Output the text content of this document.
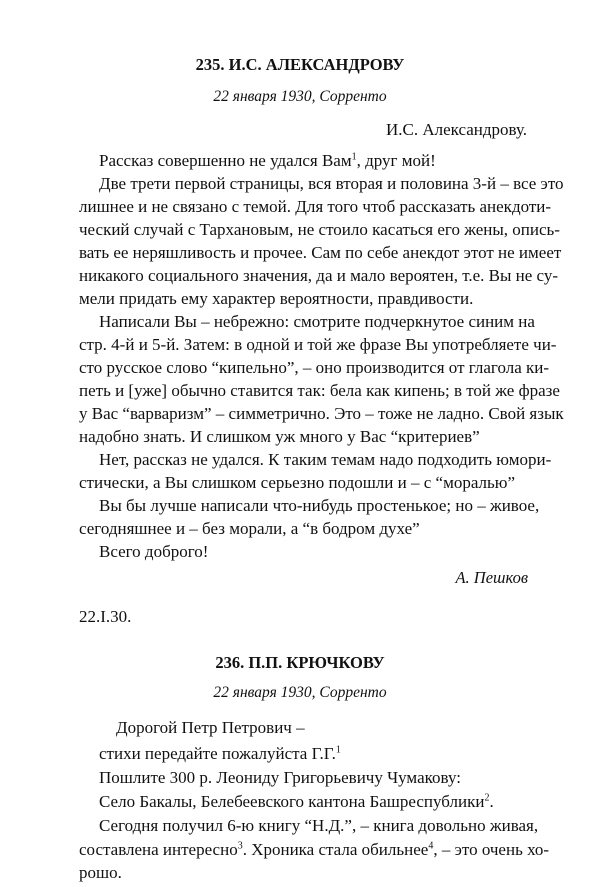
235. И.С. АЛЕКСАНДРОВУ
22 января 1930, Сорренто
И.С. Александрову.
Рассказ совершенно не удался Вам$^1$, друг мой!
Две трети первой страницы, вся вторая и половина 3-й – все это
лишнее и не связано с темой. Для того чтоб рассказать анекдоти-
ческий случай с Тархановым, не стоило касаться его жены, опись-
вать ее неряшливость и прочее. Сам по себе анекдот этот не имеет
никакого социального значения, да и мало вероятен, т.е. Вы не су-
мели придать ему характер вероятности, правдивости.
Написали Вы – небрежно: смотрите подчеркнутое синим на
стр. 4-й и 5-й. Затем: в одной и той же фразе Вы употребляете чи-
сто русское слово “кипельно”, – оно производится от глагола ки-
петь и [уже] обычно ставится так: бела как кипень; в той же фразе
у Вас “варваризм” – симметрично. Это – тоже не ладно. Свой язык
надобно знать. И слишком уж много у Вас “критериев”
Нет, рассказ не удался. К таким темам надо подходить юмори-
стически, а Вы слишком серьезно подошли и – с “моралью”
Вы бы лучше написали что-нибудь простенькое; но – живое,
сегодняшнее и – без морали, а “в бодром духе”
Всего доброго!
А. Пешков
22.I.30.
236. П.П. КРЮЧКОВУ
22 января 1930, Сорренто
Дорогой Петр Петрович –
стихи передайте пожалуйста Г.Г.$^1$
Пошлите 300 р. Леониду Григорьевичу Чумакову:
Село Бакалы, Белебеевского кантона Башреспублики$^2$.
Сегодня получил 6-ю книгу “Н.Д.”, – книга довольно живая,
составлена интересно$^3$. Хроника стала обильнее$^4$, – это очень хо-
рошо.
